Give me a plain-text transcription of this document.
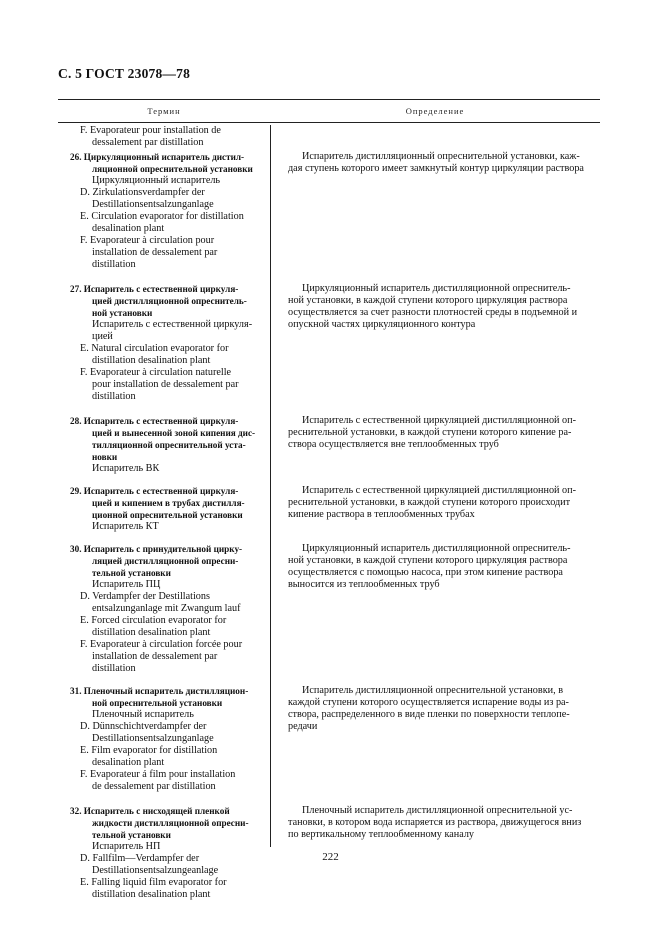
С. 5 ГОСТ 23078—78
Термин	Определение
F. Evaporateur pour installation de
dessalement par distillation
26. Циркуляционный испаритель дистил-
ляционной опреснительной установки
Циркуляционный испаритель
D. Zirkulationsverdampfer der
Destillationsentsalzunganlage
E. Circulation evaporator for distillation
desalination plant
F. Evaporateur à circulation pour
installation de dessalement par
distillation
Испаритель дистилляционный опреснительной установки, каж-
дая ступень которого имеет замкнутый контур циркуляции раствора
27. Испаритель с естественной циркуля-
цией дистилляционной опреснитель-
ной установки
Испаритель с естественной циркуля-
цией
E. Natural circulation evaporator for
distillation desalination plant
F. Evaporateur à circulation naturelle
pour installation de dessalement par
distillation
Циркуляционный испаритель дистилляционной опреснитель-
ной установки, в каждой ступени которого циркуляция раствора
осуществляется за счет разности плотностей среды в подъемной и
опускной частях циркуляционного контура
28. Испаритель с естественной циркуля-
цией и вынесенной зоной кипения дис-
тилляционной опреснительной уста-
новки
Испаритель ВК
Испаритель с естественной циркуляцией дистилляционной оп-
реснительной установки, в каждой ступени которого кипение ра-
створа осуществляется вне теплообменных труб
29. Испаритель с естественной циркуля-
цией и кипением в трубах дистилля-
ционной опреснительной установки
Испаритель КТ
Испаритель с естественной циркуляцией дистилляционной оп-
реснительной установки, в каждой ступени которого происходит
кипение раствора в теплообменных трубах
30. Испаритель с принудительной цирку-
ляцией дистилляционной опресни-
тельной установки
Испаритель ПЦ
D. Verdampfer der Destillations
entsalzunganlage mit Zwangum lauf
E. Forced circulation evaporator for
distillation desalination plant
F. Evaporateur à circulation forcée pour
installation de dessalement par
distillation
Циркуляционный испаритель дистилляционной опреснитель-
ной установки, в каждой ступени которого циркуляция раствора
осуществляется с помощью насоса, при этом кипение раствора
выносится из теплообменных труб
31. Пленочный испаритель дистилляцион-
ной опреснительной установки
Пленочный испаритель
D. Dünnschichtverdampfer der
Destillationsentsalzunganlage
E. Film evaporator for distillation
desalination plant
F. Evaporateur á film pour installation
de dessalement par distillation
Испаритель дистилляционной опреснительной установки, в
каждой ступени которого осуществляется испарение воды из ра-
створа, распределенного в виде пленки по поверхности теплопе-
редачи
32. Испаритель с нисходящей пленкой
жидкости дистилляционной опресни-
тельной установки
Испаритель НП
D. Fallfilm—Verdampfer der
Destillationsentsalzungeanlage
E. Falling liquid film evaporator for
distillation desalination plant
Пленочный испаритель дистилляционной опреснительной ус-
тановки, в котором вода испаряется из раствора, движущегося вниз
по вертикальному теплообменному каналу
222
